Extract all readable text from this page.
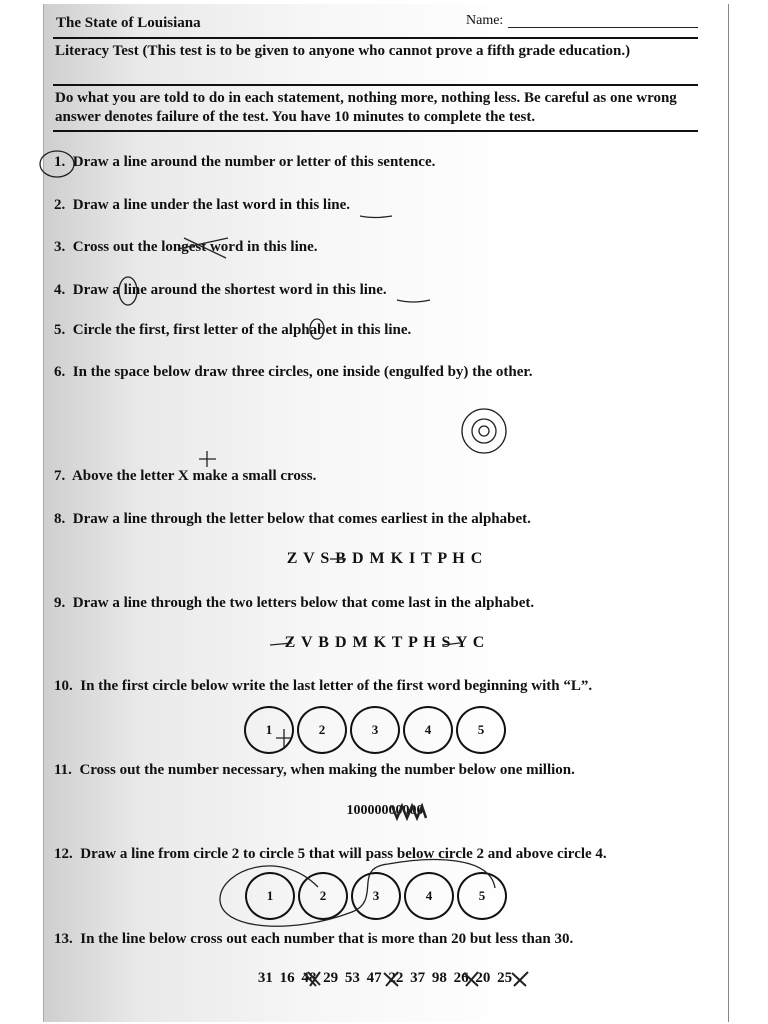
The State of Louisiana	Name:
Literacy Test (This test is to be given to anyone who cannot prove a fifth grade education.)
Do what you are told to do in each statement, nothing more, nothing less. Be careful as one wrong answer denotes failure of the test. You have 10 minutes to complete the test.
1. Draw a line around the number or letter of this sentence.
2. Draw a line under the last word in this line.
3. Cross out the longest word in this line.
4. Draw a line around the shortest word in this line.
5. Circle the first, first letter of the alphabet in this line.
6. In the space below draw three circles, one inside (engulfed by) the other.
7. Above the letter X make a small cross.
8. Draw a line through the letter below that comes earliest in the alphabet.
Z V S B D M K I T P H C
9. Draw a line through the two letters below that come last in the alphabet.
Z V B D M K T P H S Y C
10. In the first circle below write the last letter of the first word beginning with “L”.
1	2	3	4	5
11. Cross out the number necessary, when making the number below one million.
10000000000
12. Draw a line from circle 2 to circle 5 that will pass below circle 2 and above circle 4.
1	2	3	4	5
13. In the line below cross out each number that is more than 20 but less than 30.
31 16 48 29 53 47 22 37 98 26 20 25
